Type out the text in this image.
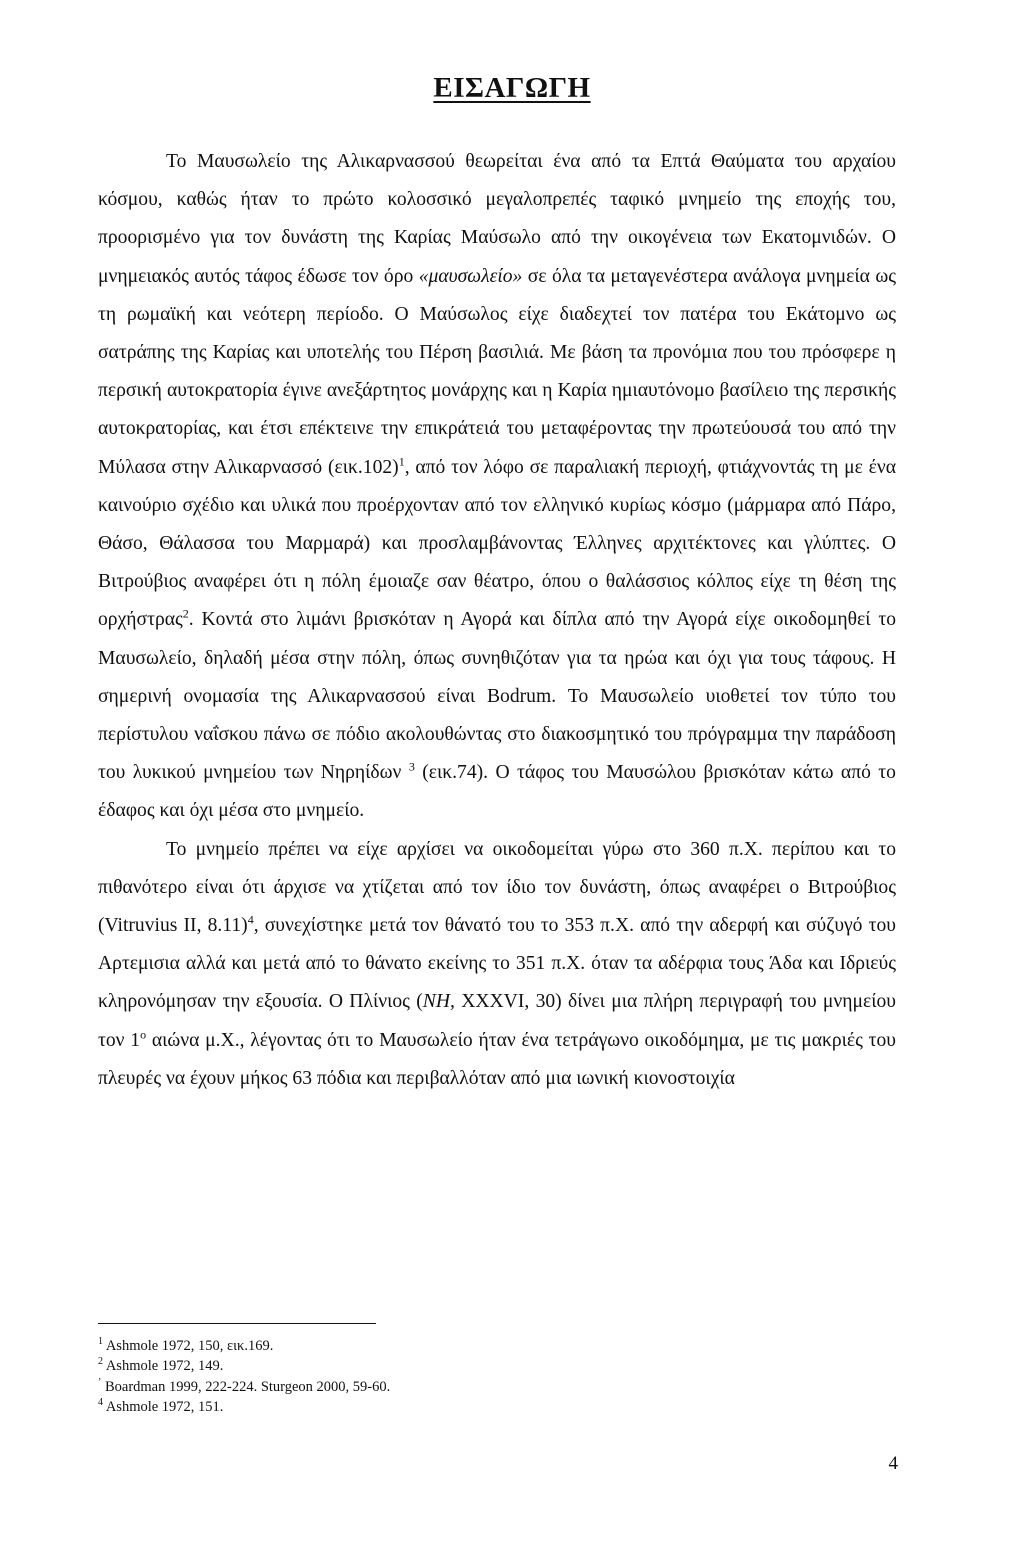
ΕΙΣΑΓΩΓΗ

Το Μαυσωλείο της Αλικαρνασσού θεωρείται ένα από τα Επτά Θαύματα του αρχαίου κόσμου, καθώς ήταν το πρώτο κολοσσικό μεγαλοπρεπές ταφικό μνημείο της εποχής του, προορισμένο για τον δυνάστη της Καρίας Μαύσωλο από την οικογένεια των Εκατομνιδών. Ο μνημειακός αυτός τάφος έδωσε τον όρο «μαυσωλείο» σε όλα τα μεταγενέστερα ανάλογα μνημεία ως τη ρωμαϊκή και νεότερη περίοδο. Ο Μαύσωλος είχε διαδεχτεί τον πατέρα του Εκάτομνο ως σατράπης της Καρίας και υποτελής του Πέρση βασιλιά. Με βάση τα προνόμια που του πρόσφερε η περσική αυτοκρατορία έγινε ανεξάρτητος μονάρχης και η Καρία ημιαυτόνομο βασίλειο της περσικής αυτοκρατορίας, και έτσι επέκτεινε την επικράτειά του μεταφέροντας την πρωτεύουσά του από την Μύλασα στην Αλικαρνασσό $(\varepsilon\iota\kappa.102)^1$, από τον λόφο σε παραλιακή περιοχή, φτιάχνοντάς τη με ένα καινούριο σχέδιο και υλικά που προέρχονταν από τον ελληνικό κυρίως κόσμο (μάρμαρα από Πάρο, Θάσο, Θάλασσα του Μαρμαρά) και προσλαμβάνοντας Έλληνες αρχιτέκτονες και γλύπτες. Ο Βιτρούβιος αναφέρει ότι η πόλη έμοιαζε σαν θέατρο, όπου ο θαλάσσιος κόλπος είχε τη θέση της ορχήστρας$^2$. Κοντά στο λιμάνι βρισκόταν η Αγορά και δίπλα από την Αγορά είχε οικοδομηθεί το Μαυσωλείο, δηλαδή μέσα στην πόλη, όπως συνηθιζόταν για τα ηρώα και όχι για τους τάφους. Η σημερινή ονομασία της Αλικαρνασσού είναι Bodrum. Το Μαυσωλείο υιοθετεί τον τύπο του περίστυλου ναΐσκου πάνω σε πόδιο ακολουθώντας στο διακοσμητικό του πρόγραμμα την παράδοση του λυκικού μνημείου των Νηρηίδων $^3$ (εικ.74). Ο τάφος του Μαυσώλου βρισκόταν κάτω από το έδαφος και όχι μέσα στο μνημείο.

Το μνημείο πρέπει να είχε αρχίσει να οικοδομείται γύρω στο 360 π.Χ. περίπου και το πιθανότερο είναι ότι άρχισε να χτίζεται από τον ίδιο τον δυνάστη, όπως αναφέρει ο Βιτρούβιος (Vitruvius II, 8.11)$^4$, συνεχίστηκε μετά τον θάνατό του το 353 π.Χ. από την αδερφή και σύζυγό του Αρτεμισια αλλά και μετά από το θάνατο εκείνης το 351 π.Χ. όταν τα αδέρφια τους Άδα και Ιδριεύς κληρονόμησαν την εξουσία. Ο Πλίνιος (NH, XXXVI, 30) δίνει μια πλήρη περιγραφή του μνημείου τον $1^o$ αιώνα μ.Χ., λέγοντας ότι το Μαυσωλείο ήταν ένα τετράγωνο οικοδόμημα, με τις μακριές του πλευρές να έχουν μήκος 63 πόδια και περιβαλλόταν από μια ιωνική κιονοστοιχία

$^1$ Ashmole 1972, 150, εικ.169.
$^2$ Ashmole 1972, 149.
’ Boardman 1999, 222-224. Sturgeon 2000, 59-60.
$^4$ Ashmole 1972, 151.
4
